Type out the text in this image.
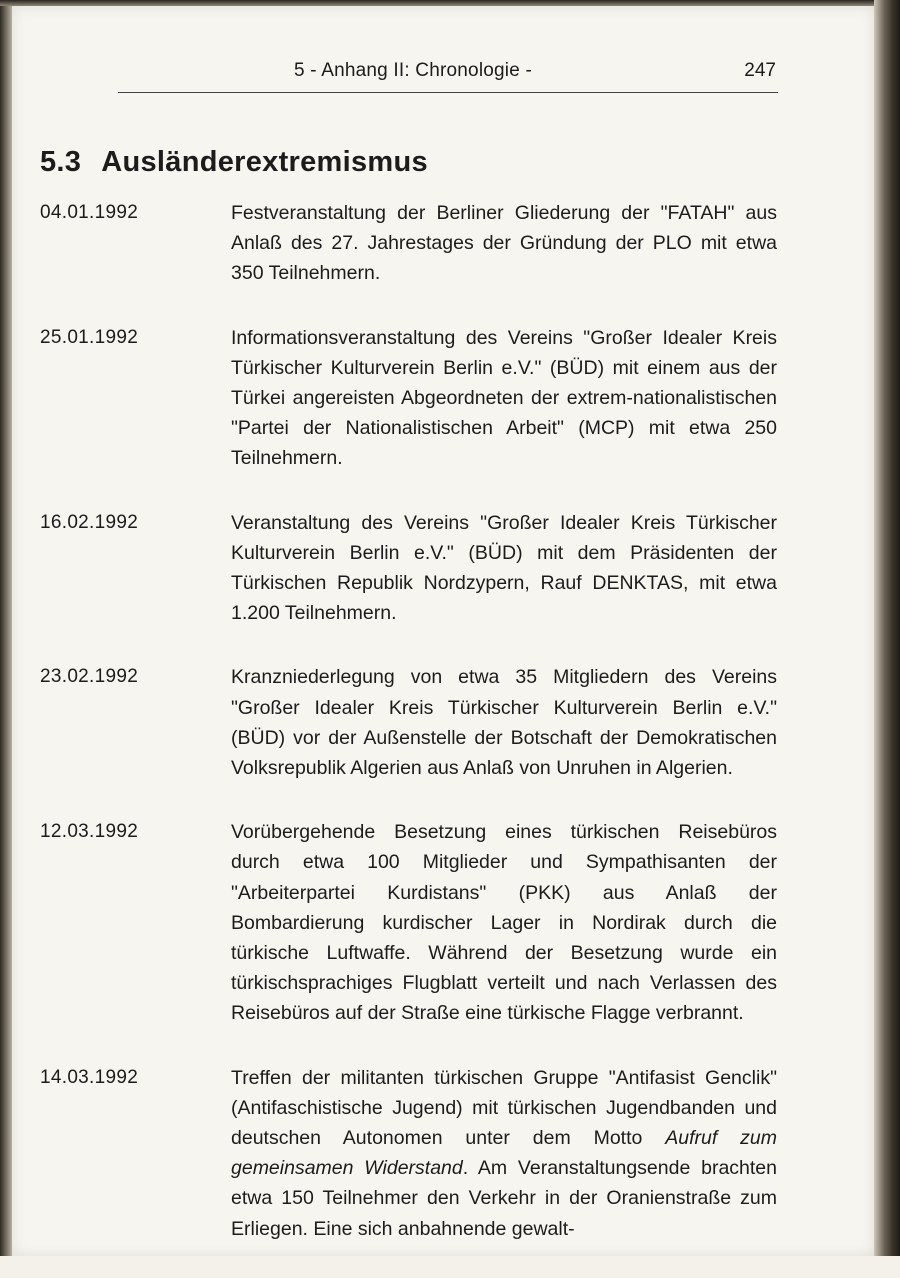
5 - Anhang II: Chronologie -	247
5.3 Ausländerextremismus
04.01.1992	Festveranstaltung der Berliner Gliederung der "FATAH" aus Anlaß des 27. Jahrestages der Gründung der PLO mit etwa 350 Teilnehmern.
25.01.1992	Informationsveranstaltung des Vereins "Großer Idealer Kreis Türkischer Kulturverein Berlin e.V." (BÜD) mit einem aus der Türkei angereisten Abgeordneten der extrem-nationalistischen "Partei der Nationalistischen Arbeit" (MCP) mit etwa 250 Teilnehmern.
16.02.1992	Veranstaltung des Vereins "Großer Idealer Kreis Türkischer Kulturverein Berlin e.V." (BÜD) mit dem Präsidenten der Türkischen Republik Nordzypern, Rauf DENKTAS, mit etwa 1.200 Teilnehmern.
23.02.1992	Kranzniederlegung von etwa 35 Mitgliedern des Vereins "Großer Idealer Kreis Türkischer Kulturverein Berlin e.V." (BÜD) vor der Außenstelle der Botschaft der Demokratischen Volksrepublik Algerien aus Anlaß von Unruhen in Algerien.
12.03.1992	Vorübergehende Besetzung eines türkischen Reisebüros durch etwa 100 Mitglieder und Sympathisanten der "Arbeiterpartei Kurdistans" (PKK) aus Anlaß der Bombardierung kurdischer Lager in Nordirak durch die türkische Luftwaffe. Während der Besetzung wurde ein türkischsprachiges Flugblatt verteilt und nach Verlassen des Reisebüros auf der Straße eine türkische Flagge verbrannt.
14.03.1992	Treffen der militanten türkischen Gruppe "Antifasist Genclik" (Antifaschistische Jugend) mit türkischen Jugendbanden und deutschen Autonomen unter dem Motto Aufruf zum gemeinsamen Widerstand. Am Veranstaltungsende brachten etwa 150 Teilnehmer den Verkehr in der Oranienstraße zum Erliegen. Eine sich anbahnende gewalt-
